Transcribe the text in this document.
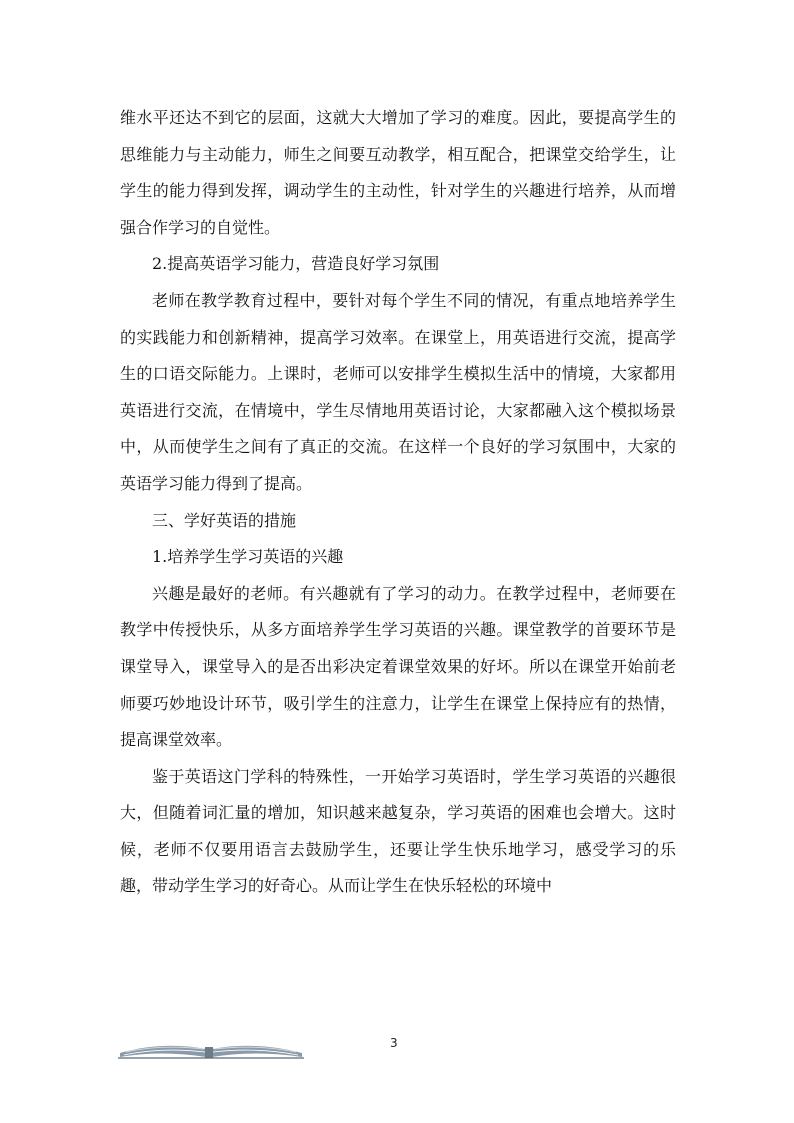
维水平还达不到它的层面，这就大大增加了学习的难度。因此，要提高学生的思维能力与主动能力，师生之间要互动教学，相互配合，把课堂交给学生，让学生的能力得到发挥，调动学生的主动性，针对学生的兴趣进行培养，从而增强合作学习的自觉性。

2.提高英语学习能力，营造良好学习氛围

老师在教学教育过程中，要针对每个学生不同的情况，有重点地培养学生的实践能力和创新精神，提高学习效率。在课堂上，用英语进行交流，提高学生的口语交际能力。上课时，老师可以安排学生模拟生活中的情境，大家都用英语进行交流，在情境中，学生尽情地用英语讨论，大家都融入这个模拟场景中，从而使学生之间有了真正的交流。在这样一个良好的学习氛围中，大家的英语学习能力得到了提高。

三、学好英语的措施

1.培养学生学习英语的兴趣

兴趣是最好的老师。有兴趣就有了学习的动力。在教学过程中，老师要在教学中传授快乐，从多方面培养学生学习英语的兴趣。课堂教学的首要环节是课堂导入，课堂导入的是否出彩决定着课堂效果的好坏。所以在课堂开始前老师要巧妙地设计环节，吸引学生的注意力，让学生在课堂上保持应有的热情，提高课堂效率。

鉴于英语这门学科的特殊性，一开始学习英语时，学生学习英语的兴趣很大，但随着词汇量的增加，知识越来越复杂，学习英语的困难也会增大。这时候，老师不仅要用语言去鼓励学生，还要让学生快乐地学习，感受学习的乐趣，带动学生学习的好奇心。从而让学生在快乐轻松的环境中

3
